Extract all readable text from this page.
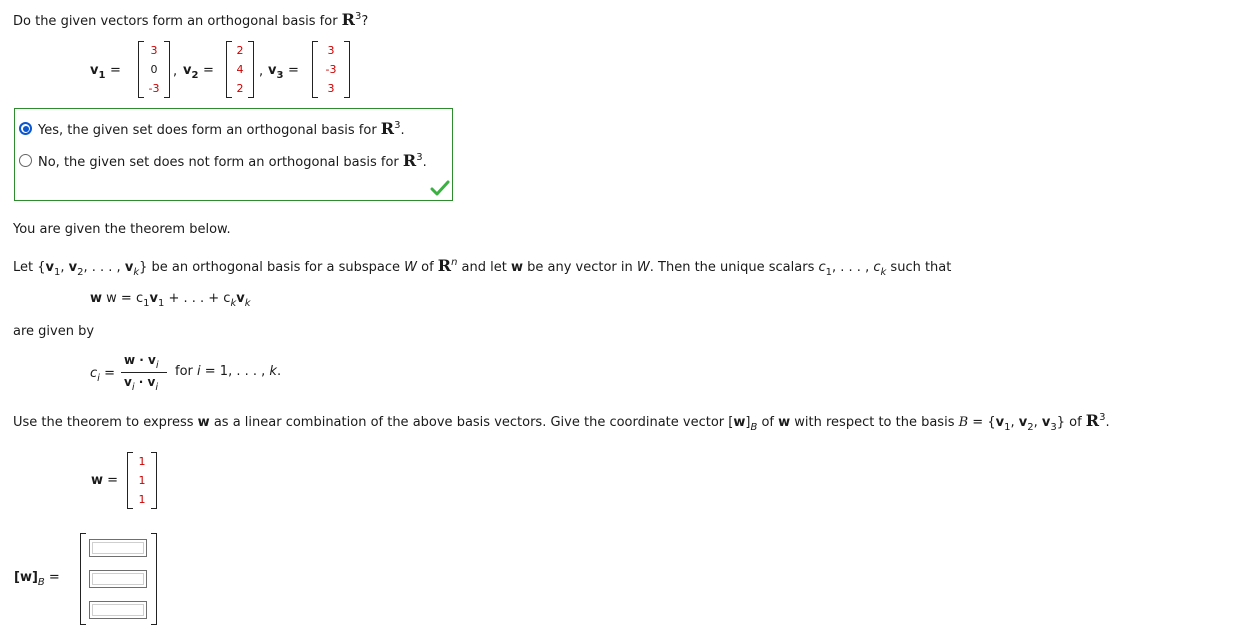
Do the given vectors form an orthogonal basis for $R^3$?
$v_1$ =
3
0
-3
, $v_2$ =
2
4
2
, $v_3$ =
3
-3
3
Yes, the given set does form an orthogonal basis for $R^3$.
No, the given set does not form an orthogonal basis for $R^3$.
You are given the theorem below.
Let {$v_1$, $v_2$, . . . , $v_k$} be an orthogonal basis for a subspace W of $R^n$ and let w be any vector in W. Then the unique scalars $c_1$, . . . , $c_k$ such that
w $w = c_1v_1$ + . . . + $c_kv_k$
are given by
$c_i$ =
$w \cdot v_i$
$v_i \cdot v_i$
for i = 1, . . . , k.
Use the theorem to express w as a linear combination of the above basis vectors. Give the coordinate vector $[w]_B$ of w with respect to the basis $B = \{v_1$, $v_2$, $v_3$} of $R^3$.
w =
1
1
1
$[w]_B$ =
